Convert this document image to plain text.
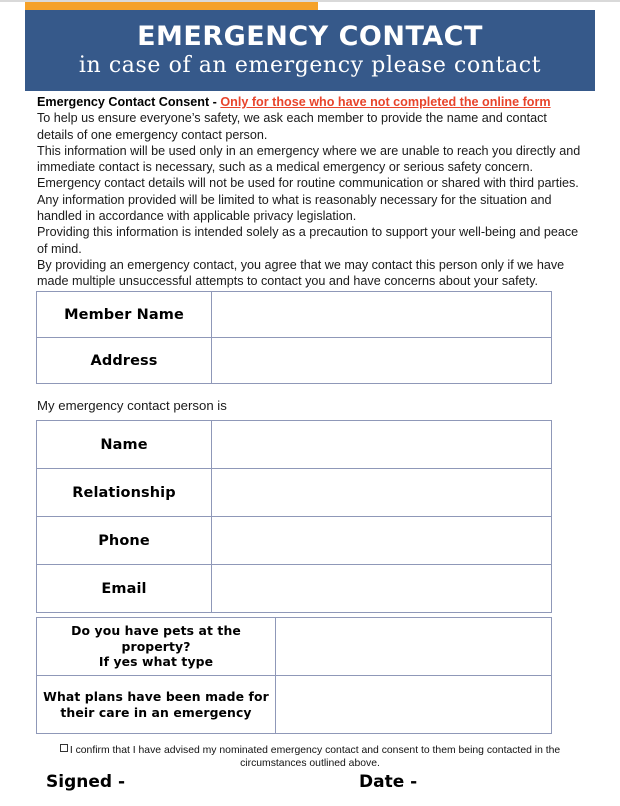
EMERGENCY CONTACT
in case of an emergency please contact

Emergency Contact Consent - Only for those who have not completed the online form

To help us ensure everyone’s safety, we ask each member to provide the name and contact details of one emergency contact person.

This information will be used only in an emergency where we are unable to reach you directly and immediate contact is necessary, such as a medical emergency or serious safety concern.

Emergency contact details will not be used for routine communication or shared with third parties.

Any information provided will be limited to what is reasonably necessary for the situation and handled in accordance with applicable privacy legislation.

Providing this information is intended solely as a precaution to support your well-being and peace of mind.

By providing an emergency contact, you agree that we may contact this person only if we have made multiple unsuccessful attempts to contact you and have concerns about your safety.

Member Name	
Address	
My emergency contact person is
Name	
Relationship	
Phone	
Email	
Do you have pets at the property?
If yes what type	

What plans have been made for
their care in an emergency	

I confirm that I have advised my nominated emergency contact and consent to them being contacted in the circumstances outlined above.
Signed -	Date -
